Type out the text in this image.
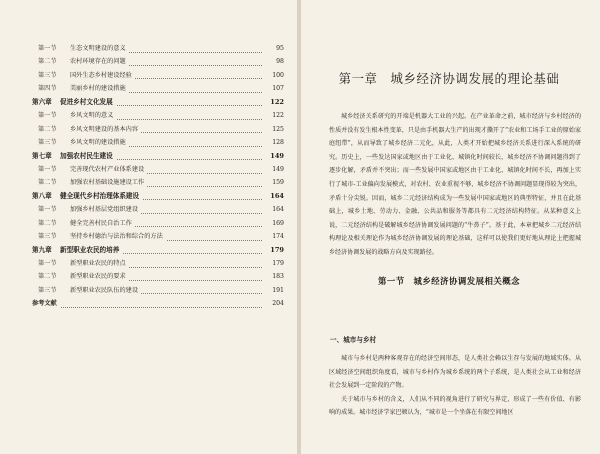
第一节 生态文明建设的意义	95
第二节 农村环境存在的问题	98
第三节 国外生态乡村建设经验	100
第四节 美丽乡村的建设措施	107
第六章 促进乡村文化发展	122
第一节 乡风文明的意义	122
第二节 乡风文明建设的基本内容	125
第三节 乡风文明的建设措施	128
第七章 加强农村民生建设	149
第一节 完善现代农村产业体系建设	149
第二节 加强农村基础设施建设工作	159
第八章 健全现代乡村治理体系建设	164
第一节 加强乡村基层党组织建设	164
第二节 健全完善村民自治工作	169
第三节 坚持乡村德治与法治和综合的方法	174
第九章 新型职业农民的培养	179
第一节 新型职业农民的特点	179
第二节 新型职业农民的要求	183
第三节 新型职业农民队伍的建设	191
参考文献	204
第一章　城乡经济协调发展的理论基础
城乡经济关系研究的开端是机器大工业的兴起。在产业革命之前，城市经济与乡村经济的性质并没有发生根本性变革，只是由手机器大生产的出现才撕开了“农业和工场手工业的原始家庭纽带”，从而导致了城乡经济二元化，从此，人类才开始把城乡经济关系进行深入系统的研究。历史上，一些发达国家或地区由于工业化、城镇化时间较长，城乡经济不协调问题得到了逐步化解，矛盾并不突出；而一些发展中国家或地区由于工业化、城镇化时间不长，再加上实行了城市-工业偏向发展模式，对农村、农业重视不够，城乡经济不协调问题显现得较为突出，矛盾十分尖锐。因而，城乡二元经济结构成为一些发展中国家或地区的典型特征，并且在此基础上，城乡土地、劳动力、金融、公共品和服务等都具有二元经济结构特征。从某种意义上说，二元经济结构是破解城乡经济协调发展问题的“牛鼻子”。基于此，本章把城乡二元经济结构理论及相关理论作为城乡经济协调发展的理论基础，这样可以使我们更好地从理论上把握城乡经济协调发展的战略方向及实现路径。
第一节　城乡经济协调发展相关概念
一、城市与乡村
城市与乡村是两种客观存在的经济空间形态，是人类社会赖以生存与发展的地域实体。从区域经济空间组织角度看，城市与乡村作为城乡系统的两个子系统，是人类社会从工业和经济社会发展到一定阶段的产物。
关于城市与乡村的含义，人们从不同的视角进行了研究与界定，形成了一些有价值、有影响的成果。城市经济学家巴顿认为，“城市是一个坐落在有限空间地区
